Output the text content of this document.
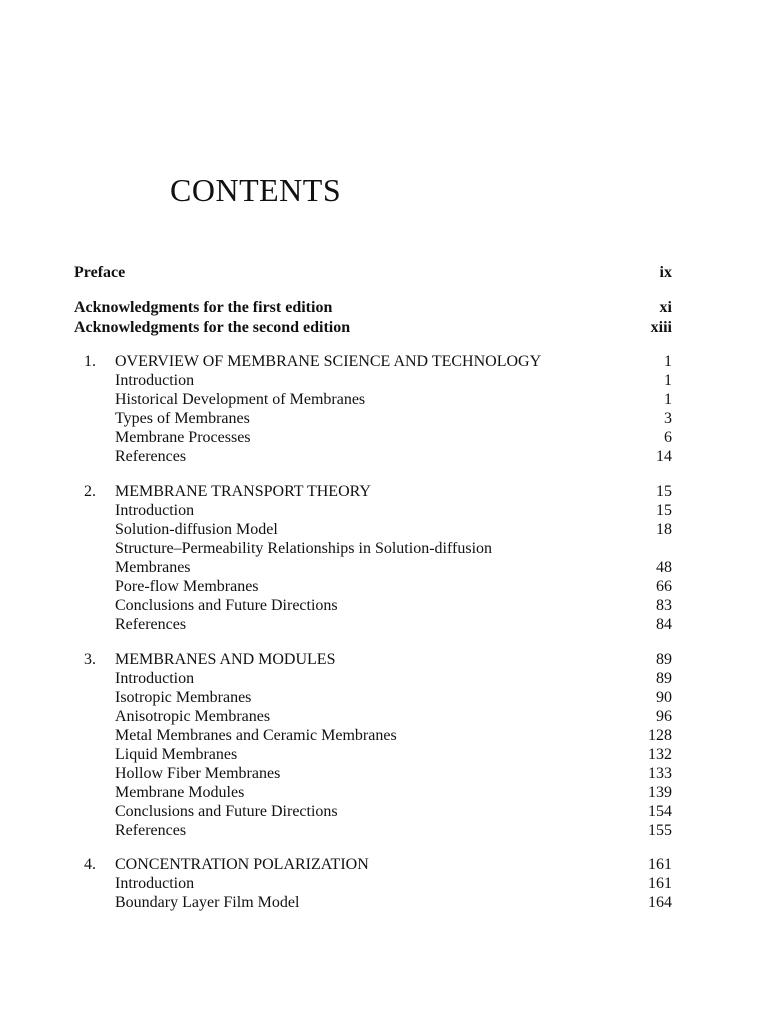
CONTENTS
Preface	ix
Acknowledgments for the first edition	xi
Acknowledgments for the second edition	xiii
1.	OVERVIEW OF MEMBRANE SCIENCE AND TECHNOLOGY	1
Introduction	1
Historical Development of Membranes	1
Types of Membranes	3
Membrane Processes	6
References	14
2.	MEMBRANE TRANSPORT THEORY	15
Introduction	15
Solution-diffusion Model	18
Structure–Permeability Relationships in Solution-diffusion
Membranes	48
Pore-flow Membranes	66
Conclusions and Future Directions	83
References	84
3.	MEMBRANES AND MODULES	89
Introduction	89
Isotropic Membranes	90
Anisotropic Membranes	96
Metal Membranes and Ceramic Membranes	128
Liquid Membranes	132
Hollow Fiber Membranes	133
Membrane Modules	139
Conclusions and Future Directions	154
References	155
4.	CONCENTRATION POLARIZATION	161
Introduction	161
Boundary Layer Film Model	164
